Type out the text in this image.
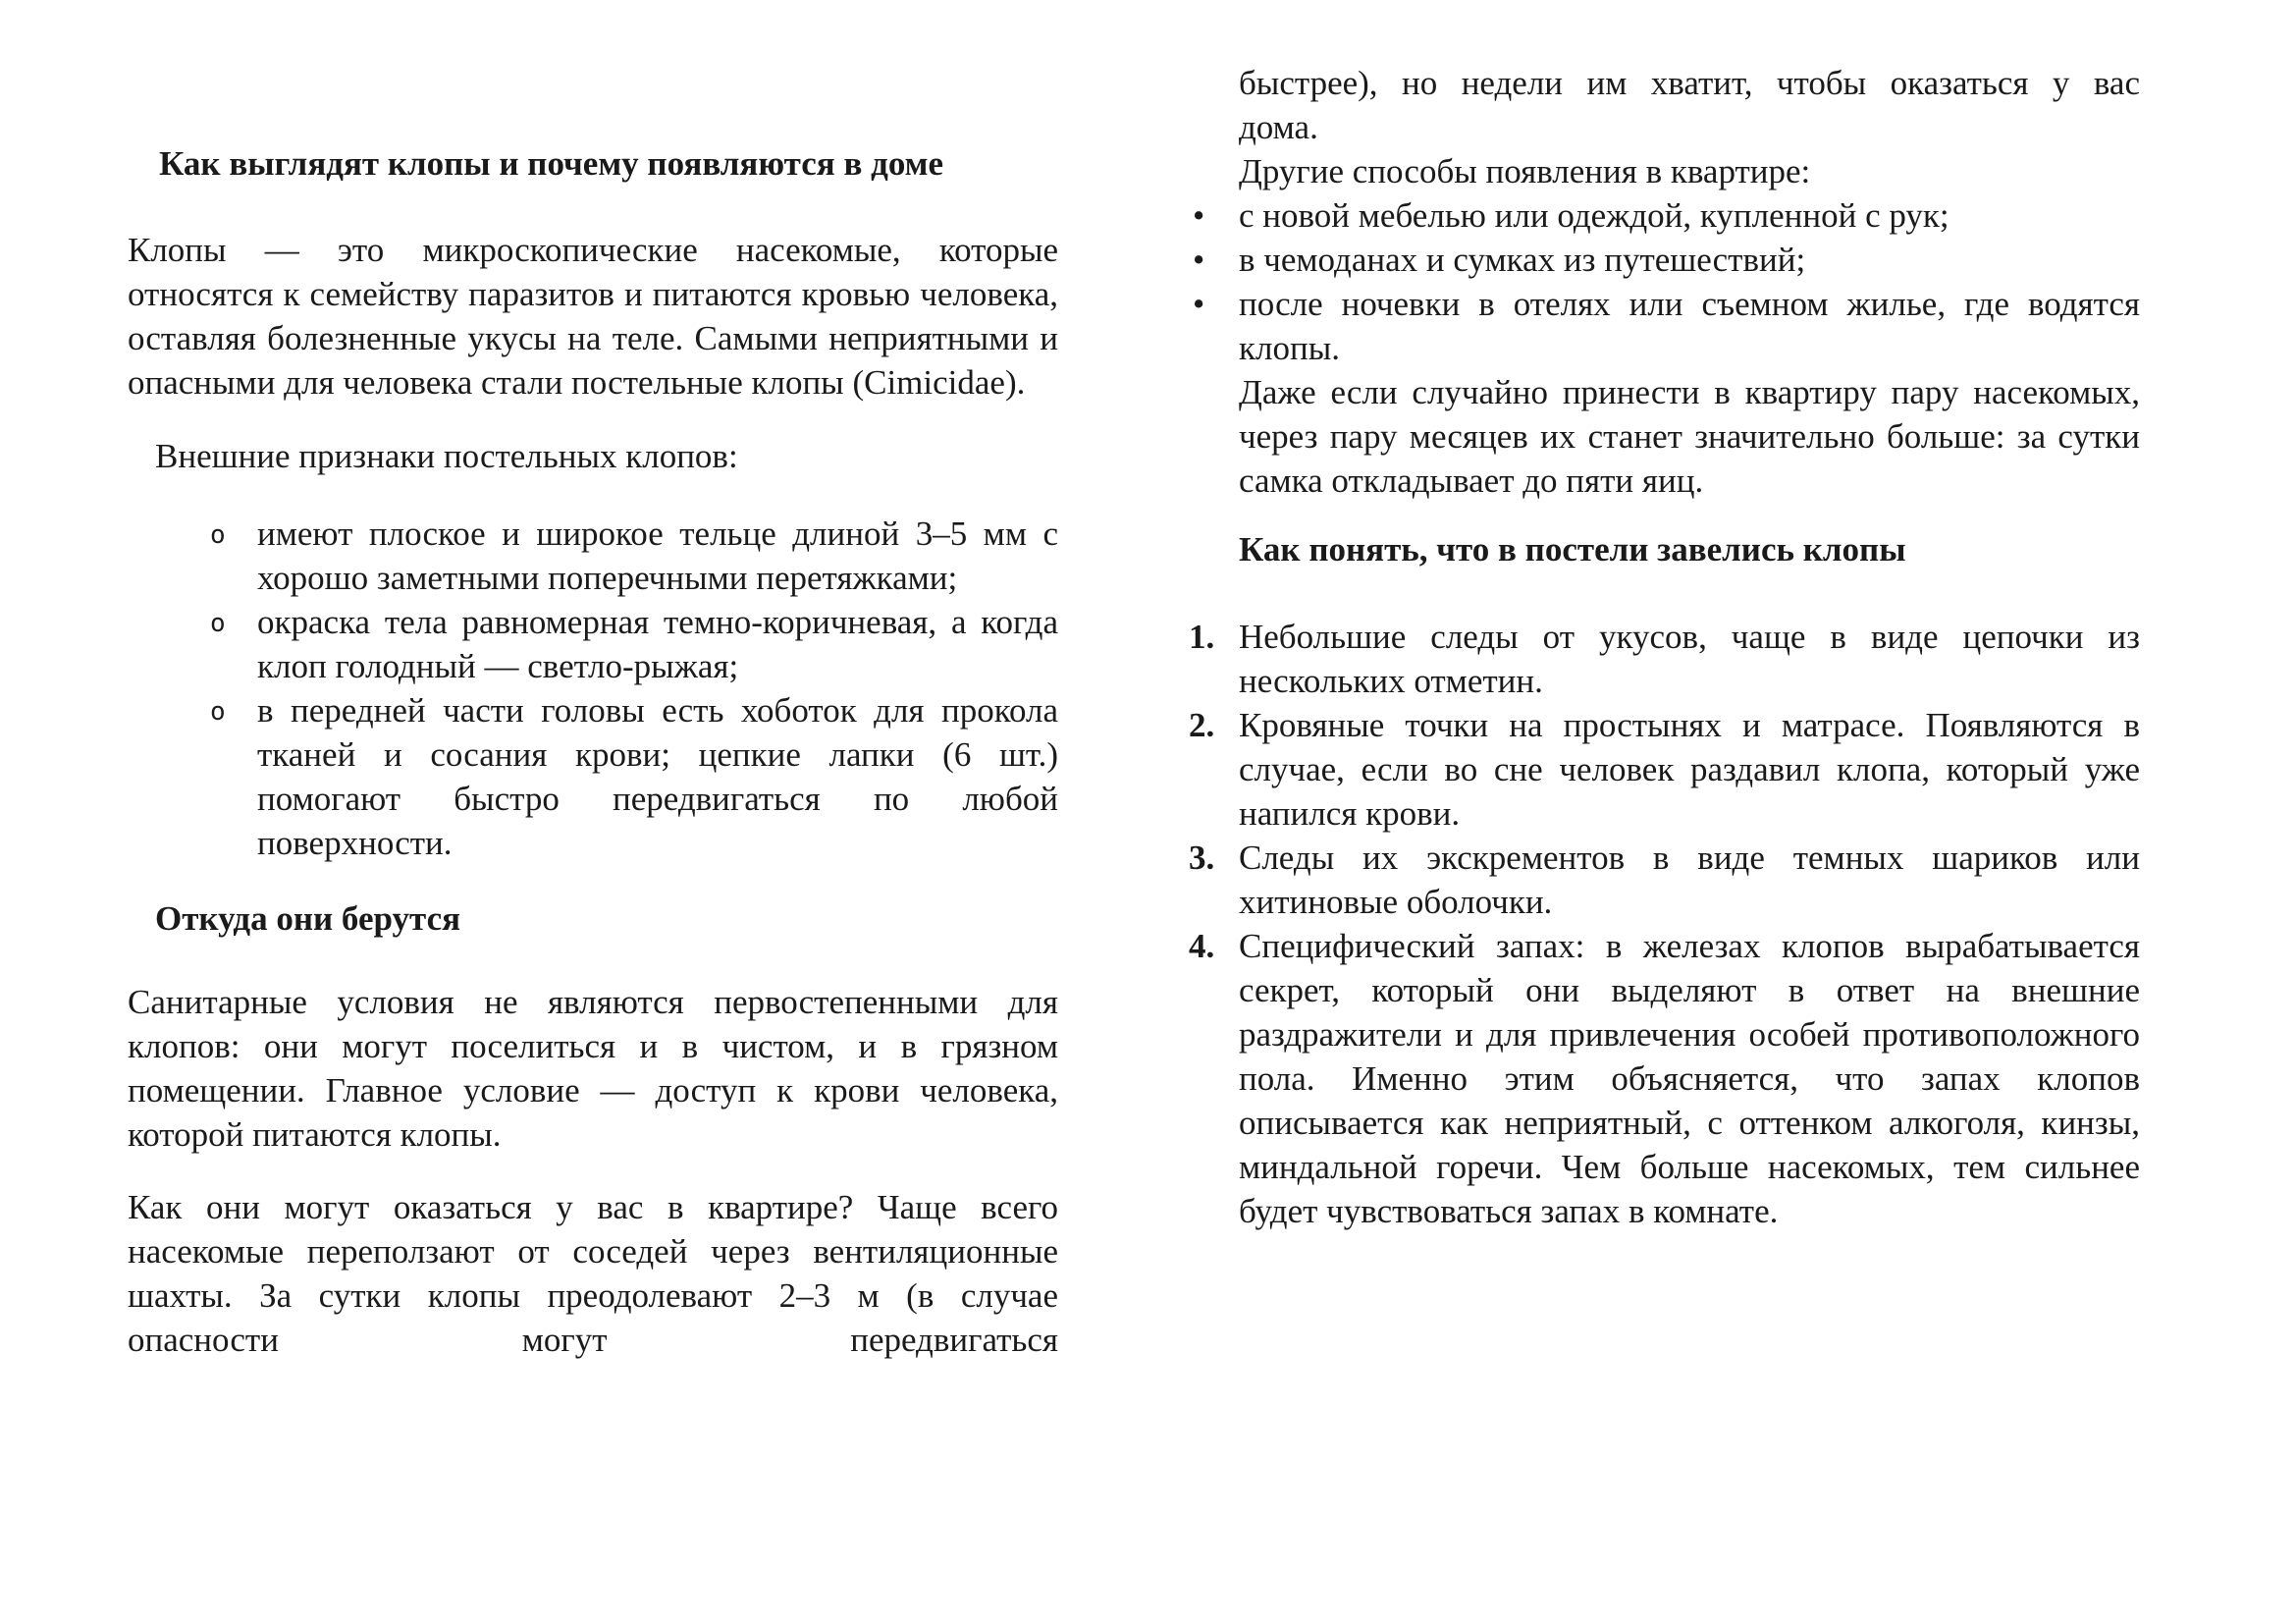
Как выглядят клопы и почему появляются в доме

Клопы — это микроскопические насекомые, которые относятся к семейству паразитов и питаются кровью человека, оставляя болезненные укусы на теле. Самыми неприятными и опасными для человека стали постельные клопы (Cimicidae).

Внешние признаки постельных клопов:

o имеют плоское и широкое тельце длиной 3–5 мм с хорошо заметными поперечными перетяжками;
o окраска тела равномерная темно-коричневая, а когда клоп голодный — светло-рыжая;
o в передней части головы есть хоботок для прокола тканей и сосания крови; цепкие лапки (6 шт.) помогают быстро передвигаться по любой поверхности.
Откуда они берутся

Санитарные условия не являются первостепенными для клопов: они могут поселиться и в чистом, и в грязном помещении. Главное условие — доступ к крови человека, которой питаются клопы.

Как они могут оказаться у вас в квартире? Чаще всего насекомые переползают от соседей через вентиляционные шахты. За сутки клопы преодолевают 2–3 м (в случае опасности могут передвигаться

быстрее), но недели им хватит, чтобы оказаться у вас
дома.

Другие способы появления в квартире:

• с новой мебелью или одеждой, купленной с рук;
• в чемоданах и сумках из путешествий;
• после ночевки в отелях или съемном жилье, где водятся клопы.

Даже если случайно принести в квартиру пару насекомых, через пару месяцев их станет значительно больше: за сутки самка откладывает до пяти яиц.

Как понять, что в постели завелись клопы
1. Небольшие следы от укусов, чаще в виде цепочки из нескольких отметин.
2. Кровяные точки на простынях и матрасе. Появляются в случае, если во сне человек раздавил клопа, который уже напился крови.
3. Следы их экскрементов в виде темных шариков или хитиновые оболочки.
4. Специфический запах: в железах клопов вырабатывается секрет, который они выделяют в ответ на внешние раздражители и для привлечения особей противоположного пола. Именно этим объясняется, что запах клопов описывается как неприятный, с оттенком алкоголя, кинзы, миндальной горечи. Чем больше насекомых, тем сильнее будет чувствоваться запах в комнате.
